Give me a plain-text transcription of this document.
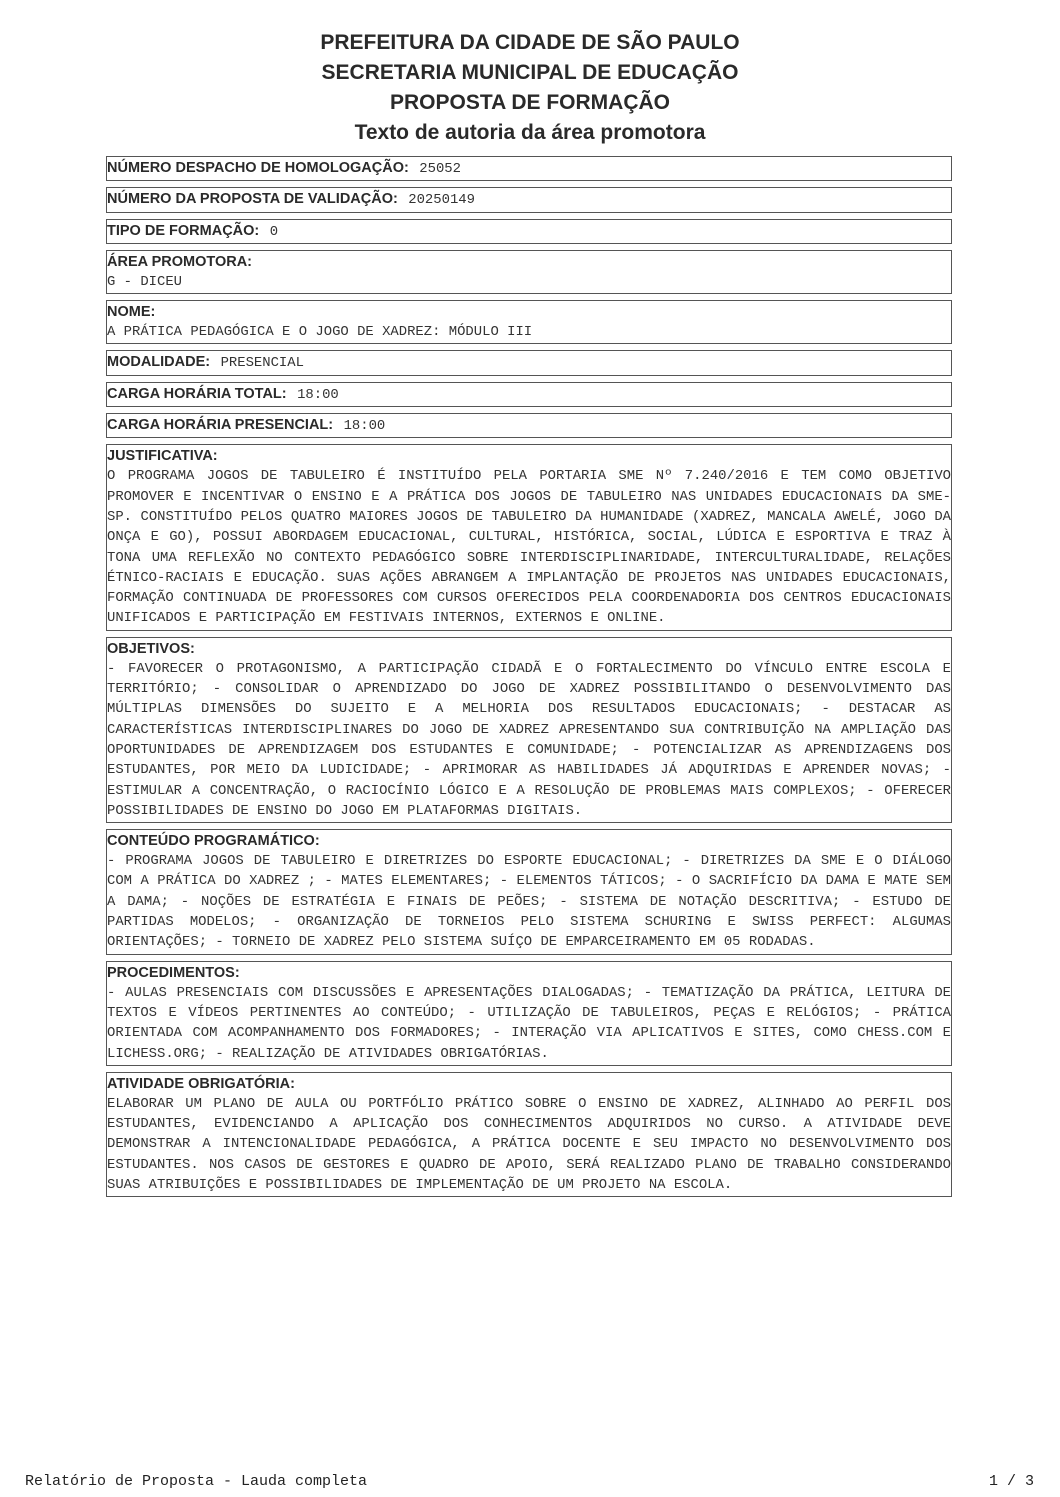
PREFEITURA DA CIDADE DE SÃO PAULO
SECRETARIA MUNICIPAL DE EDUCAÇÃO
PROPOSTA DE FORMAÇÃO
Texto de autoria da área promotora
NÚMERO DESPACHO DE HOMOLOGAÇÃO: 25052
NÚMERO DA PROPOSTA DE VALIDAÇÃO: 20250149
TIPO DE FORMAÇÃO: 0
ÁREA PROMOTORA:
G - DICEU
NOME:
A PRÁTICA PEDAGÓGICA E O JOGO DE XADREZ: MÓDULO III
MODALIDADE: PRESENCIAL
CARGA HORÁRIA TOTAL: 18:00
CARGA HORÁRIA PRESENCIAL: 18:00
JUSTIFICATIVA:
O PROGRAMA JOGOS DE TABULEIRO É INSTITUÍDO PELA PORTARIA SME Nº 7.240/2016 E TEM COMO OBJETIVO PROMOVER E INCENTIVAR O ENSINO E A PRÁTICA DOS JOGOS DE TABULEIRO NAS UNIDADES EDUCACIONAIS DA SME-SP. CONSTITUÍDO PELOS QUATRO MAIORES JOGOS DE TABULEIRO DA HUMANIDADE (XADREZ, MANCALA AWELÉ, JOGO DA ONÇA E GO), POSSUI ABORDAGEM EDUCACIONAL, CULTURAL, HISTÓRICA, SOCIAL, LÚDICA E ESPORTIVA E TRAZ À TONA UMA REFLEXÃO NO CONTEXTO PEDAGÓGICO SOBRE INTERDISCIPLINARIDADE, INTERCULTURALIDADE, RELAÇÕES ÉTNICO-RACIAIS E EDUCAÇÃO. SUAS AÇÕES ABRANGEM A IMPLANTAÇÃO DE PROJETOS NAS UNIDADES EDUCACIONAIS, FORMAÇÃO CONTINUADA DE PROFESSORES COM CURSOS OFERECIDOS PELA COORDENADORIA DOS CENTROS EDUCACIONAIS UNIFICADOS E PARTICIPAÇÃO EM FESTIVAIS INTERNOS, EXTERNOS E ONLINE.
OBJETIVOS:
- FAVORECER O PROTAGONISMO, A PARTICIPAÇÃO CIDADÃ E O FORTALECIMENTO DO VÍNCULO ENTRE ESCOLA E TERRITÓRIO; - CONSOLIDAR O APRENDIZADO DO JOGO DE XADREZ POSSIBILITANDO O DESENVOLVIMENTO DAS MÚLTIPLAS DIMENSÕES DO SUJEITO E A MELHORIA DOS RESULTADOS EDUCACIONAIS; - DESTACAR AS CARACTERÍSTICAS INTERDISCIPLINARES DO JOGO DE XADREZ APRESENTANDO SUA CONTRIBUIÇÃO NA AMPLIAÇÃO DAS OPORTUNIDADES DE APRENDIZAGEM DOS ESTUDANTES E COMUNIDADE; - POTENCIALIZAR AS APRENDIZAGENS DOS ESTUDANTES, POR MEIO DA LUDICIDADE; - APRIMORAR AS HABILIDADES JÁ ADQUIRIDAS E APRENDER NOVAS; - ESTIMULAR A CONCENTRAÇÃO, O RACIOCÍNIO LÓGICO E A RESOLUÇÃO DE PROBLEMAS MAIS COMPLEXOS; - OFERECER POSSIBILIDADES DE ENSINO DO JOGO EM PLATAFORMAS DIGITAIS.
CONTEÚDO PROGRAMÁTICO:
- PROGRAMA JOGOS DE TABULEIRO E DIRETRIZES DO ESPORTE EDUCACIONAL; - DIRETRIZES DA SME E O DIÁLOGO COM A PRÁTICA DO XADREZ ; - MATES ELEMENTARES; - ELEMENTOS TÁTICOS; - O SACRIFÍCIO DA DAMA E MATE SEM A DAMA; - NOÇÕES DE ESTRATÉGIA E FINAIS DE PEÕES; - SISTEMA DE NOTAÇÃO DESCRITIVA; - ESTUDO DE PARTIDAS MODELOS; - ORGANIZAÇÃO DE TORNEIOS PELO SISTEMA SCHURING E SWISS PERFECT: ALGUMAS ORIENTAÇÕES; - TORNEIO DE XADREZ PELO SISTEMA SUÍÇO DE EMPARCEIRAMENTO EM 05 RODADAS.
PROCEDIMENTOS:
- AULAS PRESENCIAIS COM DISCUSSÕES E APRESENTAÇÕES DIALOGADAS; - TEMATIZAÇÃO DA PRÁTICA, LEITURA DE TEXTOS E VÍDEOS PERTINENTES AO CONTEÚDO; - UTILIZAÇÃO DE TABULEIROS, PEÇAS E RELÓGIOS; - PRÁTICA ORIENTADA COM ACOMPANHAMENTO DOS FORMADORES; - INTERAÇÃO VIA APLICATIVOS E SITES, COMO CHESS.COM E LICHESS.ORG; - REALIZAÇÃO DE ATIVIDADES OBRIGATÓRIAS.
ATIVIDADE OBRIGATÓRIA:
ELABORAR UM PLANO DE AULA OU PORTFÓLIO PRÁTICO SOBRE O ENSINO DE XADREZ, ALINHADO AO PERFIL DOS ESTUDANTES, EVIDENCIANDO A APLICAÇÃO DOS CONHECIMENTOS ADQUIRIDOS NO CURSO. A ATIVIDADE DEVE DEMONSTRAR A INTENCIONALIDADE PEDAGÓGICA, A PRÁTICA DOCENTE E SEU IMPACTO NO DESENVOLVIMENTO DOS ESTUDANTES. NOS CASOS DE GESTORES E QUADRO DE APOIO, SERÁ REALIZADO PLANO DE TRABALHO CONSIDERANDO SUAS ATRIBUIÇÕES E POSSIBILIDADES DE IMPLEMENTAÇÃO DE UM PROJETO NA ESCOLA.
Relatório de Proposta - Lauda completa	1 / 3
